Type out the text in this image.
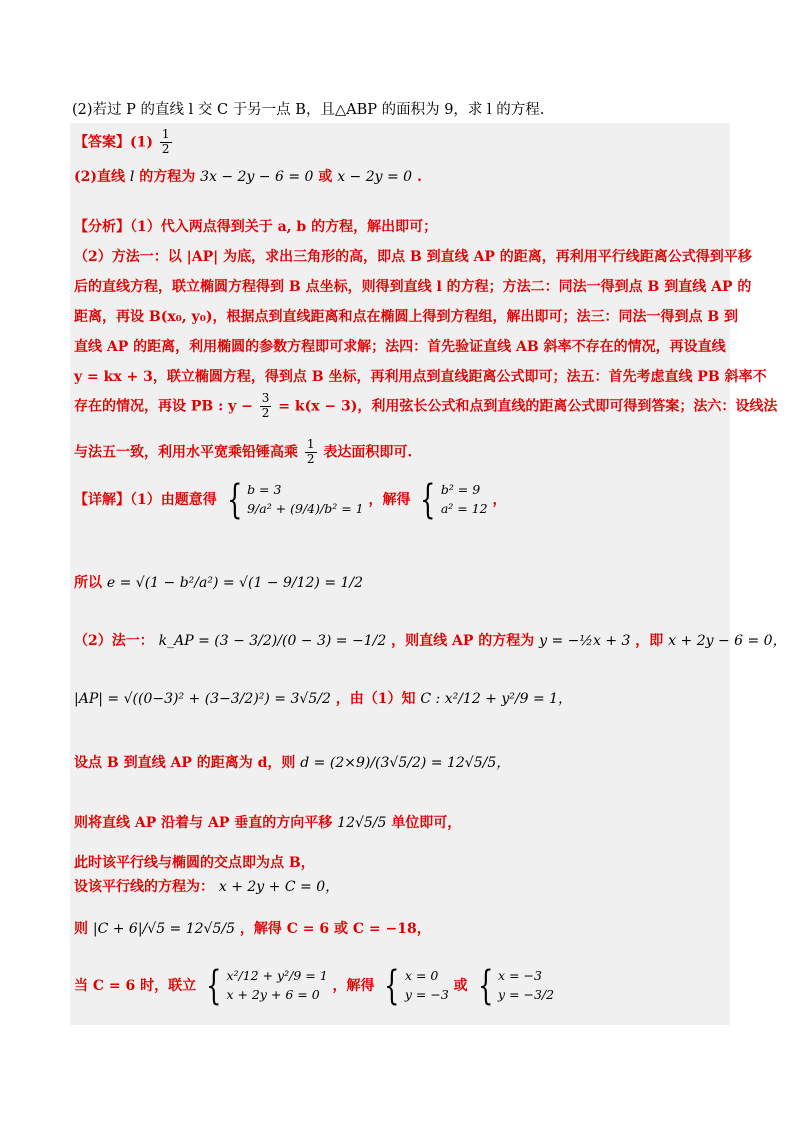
(2)若过 P 的直线 l 交 C 于另一点 B，且△ABP 的面积为 9，求 l 的方程.
【答案】$(1) \frac{1}{2}$
(2)直线 l 的方程为 3x − 2y − 6 = 0 或 x − 2y = 0 .
【分析】（1）代入两点得到关于 a, b 的方程，解出即可；
（2）方法一：以 |AP| 为底，求出三角形的高，即点 B 到直线 AP 的距离，再利用平行线距离公式得到平移
后的直线方程，联立椭圆方程得到 B 点坐标，则得到直线 l 的方程；方法二：同法一得到点 B 到直线 AP 的
距离，再设 B(x₀, y₀)，根据点到直线距离和点在椭圆上得到方程组，解出即可；法三：同法一得到点 B 到
直线 AP 的距离，利用椭圆的参数方程即可求解；法四：首先验证直线 AB 斜率不存在的情况，再设直线
y = kx + 3，联立椭圆方程，得到点 B 坐标，再利用点到直线距离公式即可；法五：首先考虑直线 PB 斜率不
存在的情况，再设 PB : $y - \frac{3}{2} = k(x - 3)$，利用弦长公式和点到直线的距离公式即可得到答案；法六：设线法
与法五一致，利用水平宽乘铅锤高乘 $\frac{1}{2}$ 表达面积即可.
【详解】（1）由题意得 { b = 3
9/a² + (9/4)/b² = 1
，解得 { b² = 9
a² = 12
，
所以 e = √(1 − b²/a²) = √(1 − 9/12) = 1/2
（2）法一： k_AP = (3 − 3/2)/(0 − 3) = −1/2 ，则直线 AP 的方程为 y = −½x + 3 ，即 x + 2y − 6 = 0，
|AP| = √((0−3)² + (3−3/2)²) = 3√5/2 ，由（1）知 C : x²/12 + y²/9 = 1，
设点 B 到直线 AP 的距离为 d，则 d = (2×9)/(3√5/2) = 12√5/5，
则将直线 AP 沿着与 AP 垂直的方向平移 12√5/5 单位即可，
此时该平行线与椭圆的交点即为点 B，
设该平行线的方程为： x + 2y + C = 0，
则 |C + 6|/√5 = 12√5/5 ，解得 C = 6 或 C = −18，
当 C = 6 时，联立 { x²/12 + y²/9 = 1
x + 2y + 6 = 0
，解得 { x = 0
y = −3
或 { x = −3
y = −3/2
